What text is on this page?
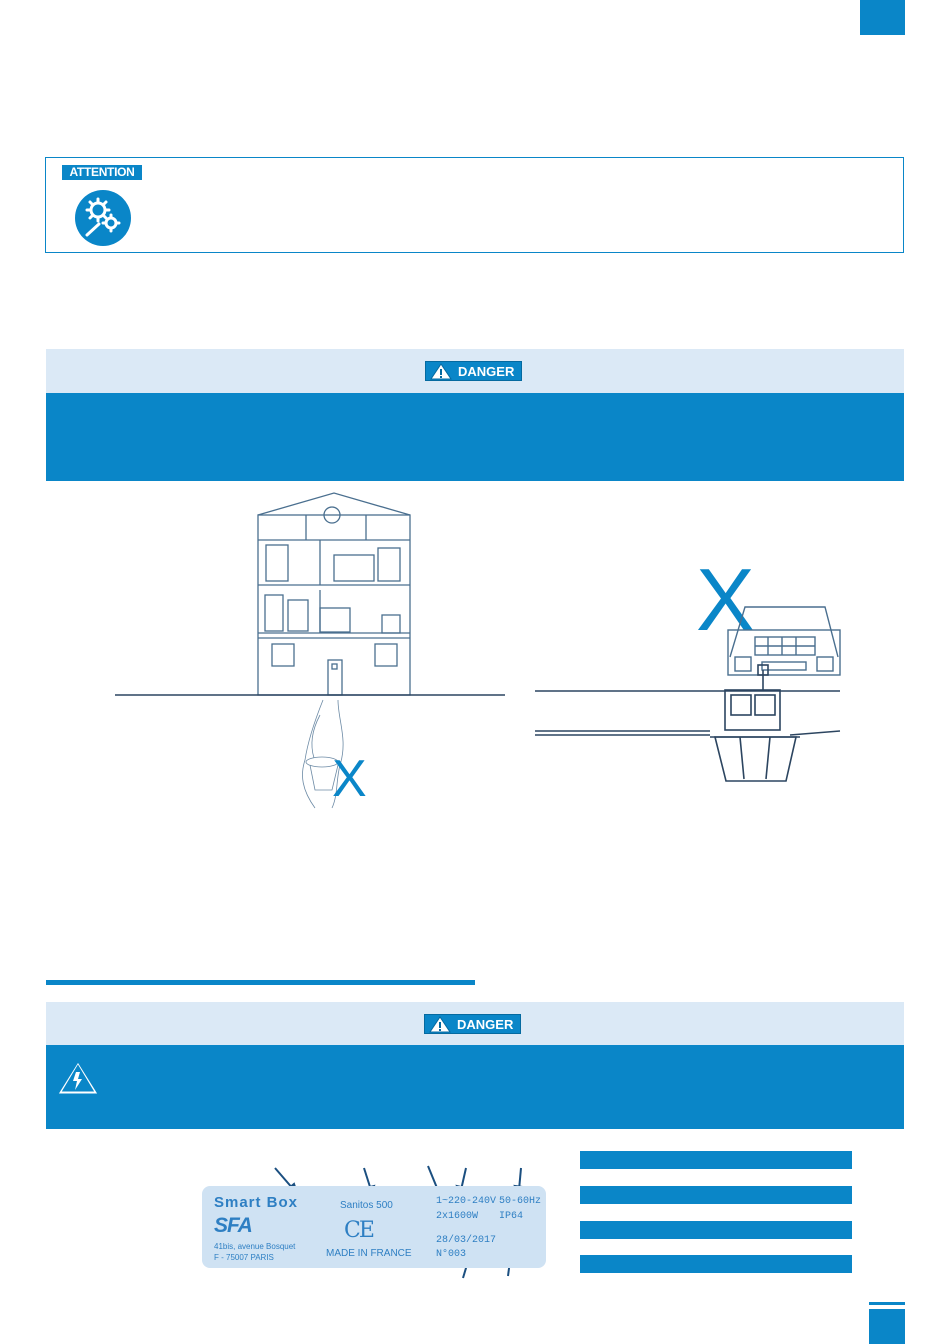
ATTENTION
DANGER
X
X
DANGER
Smart Box
SFA
41bis, avenue Bosquet
F - 75007 PARIS
Sanitos 500
CE
MADE IN FRANCE
1~220-240V 50-60Hz
2x1600W IP64
28/03/2017
N°003
